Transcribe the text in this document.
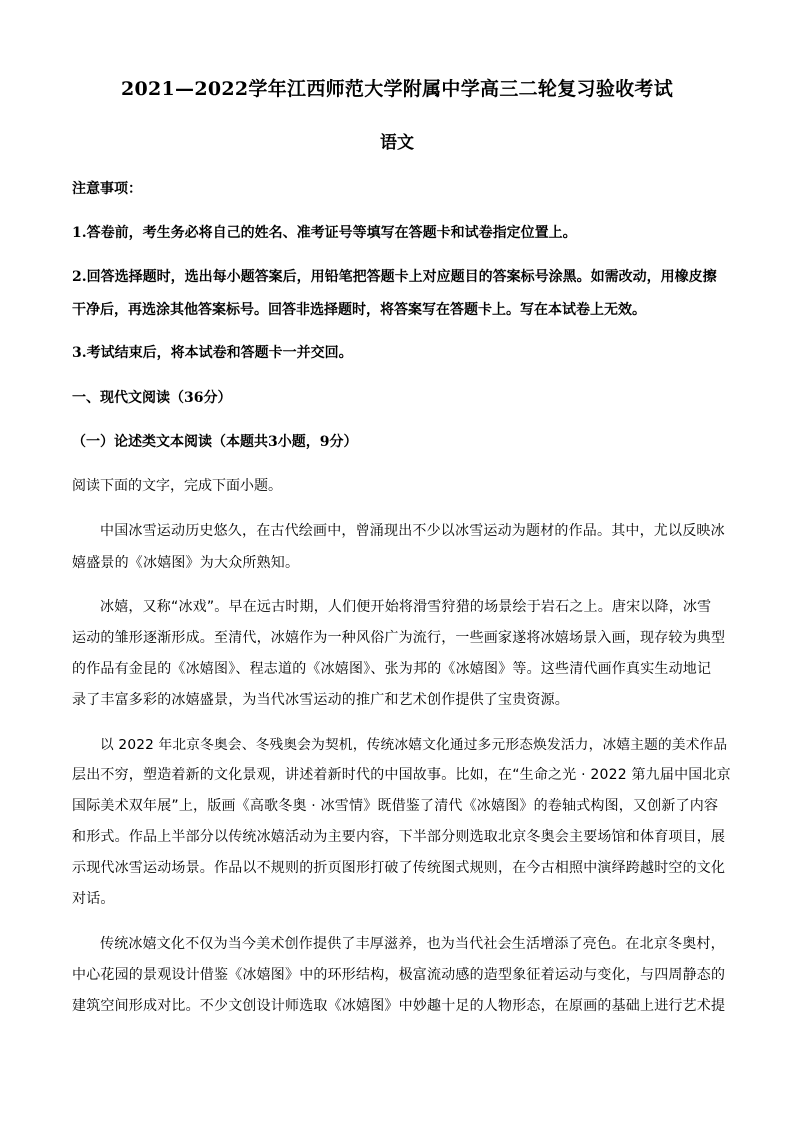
2021—2022学年江西师范大学附属中学高三二轮复习验收考试
语文
注意事项：
1.答卷前，考生务必将自己的姓名、准考证号等填写在答题卡和试卷指定位置上。
2.回答选择题时，选出每小题答案后，用铅笔把答题卡上对应题目的答案标号涂黑。如需改动，用橡皮擦
干净后，再选涂其他答案标号。回答非选择题时，将答案写在答题卡上。写在本试卷上无效。
3.考试结束后，将本试卷和答题卡一并交回。
一、现代文阅读（36分）
（一）论述类文本阅读（本题共3小题，9分）
阅读下面的文字，完成下面小题。
中国冰雪运动历史悠久，在古代绘画中，曾涌现出不少以冰雪运动为题材的作品。其中，尤以反映冰
嬉盛景的《冰嬉图》为大众所熟知。
冰嬉，又称“冰戏”。早在远古时期，人们便开始将滑雪狩猎的场景绘于岩石之上。唐宋以降，冰雪
运动的雏形逐渐形成。至清代，冰嬉作为一种风俗广为流行，一些画家遂将冰嬉场景入画，现存较为典型
的作品有金昆的《冰嬉图》、程志道的《冰嬉图》、张为邦的《冰嬉图》等。这些清代画作真实生动地记
录了丰富多彩的冰嬉盛景，为当代冰雪运动的推广和艺术创作提供了宝贵资源。
以 2022 年北京冬奥会、冬残奥会为契机，传统冰嬉文化通过多元形态焕发活力，冰嬉主题的美术作品
层出不穷，塑造着新的文化景观，讲述着新时代的中国故事。比如，在“生命之光 · 2022 第九届中国北京
国际美术双年展”上，版画《高歌冬奥 · 冰雪情》既借鉴了清代《冰嬉图》的卷轴式构图，又创新了内容
和形式。作品上半部分以传统冰嬉活动为主要内容，下半部分则选取北京冬奥会主要场馆和体育项目，展
示现代冰雪运动场景。作品以不规则的折页图形打破了传统图式规则，在今古相照中演绎跨越时空的文化
对话。
传统冰嬉文化不仅为当今美术创作提供了丰厚滋养，也为当代社会生活增添了亮色。在北京冬奥村，
中心花园的景观设计借鉴《冰嬉图》中的环形结构，极富流动感的造型象征着运动与变化，与四周静态的
建筑空间形成对比。不少文创设计师选取《冰嬉图》中妙趣十足的人物形态，在原画的基础上进行艺术提
